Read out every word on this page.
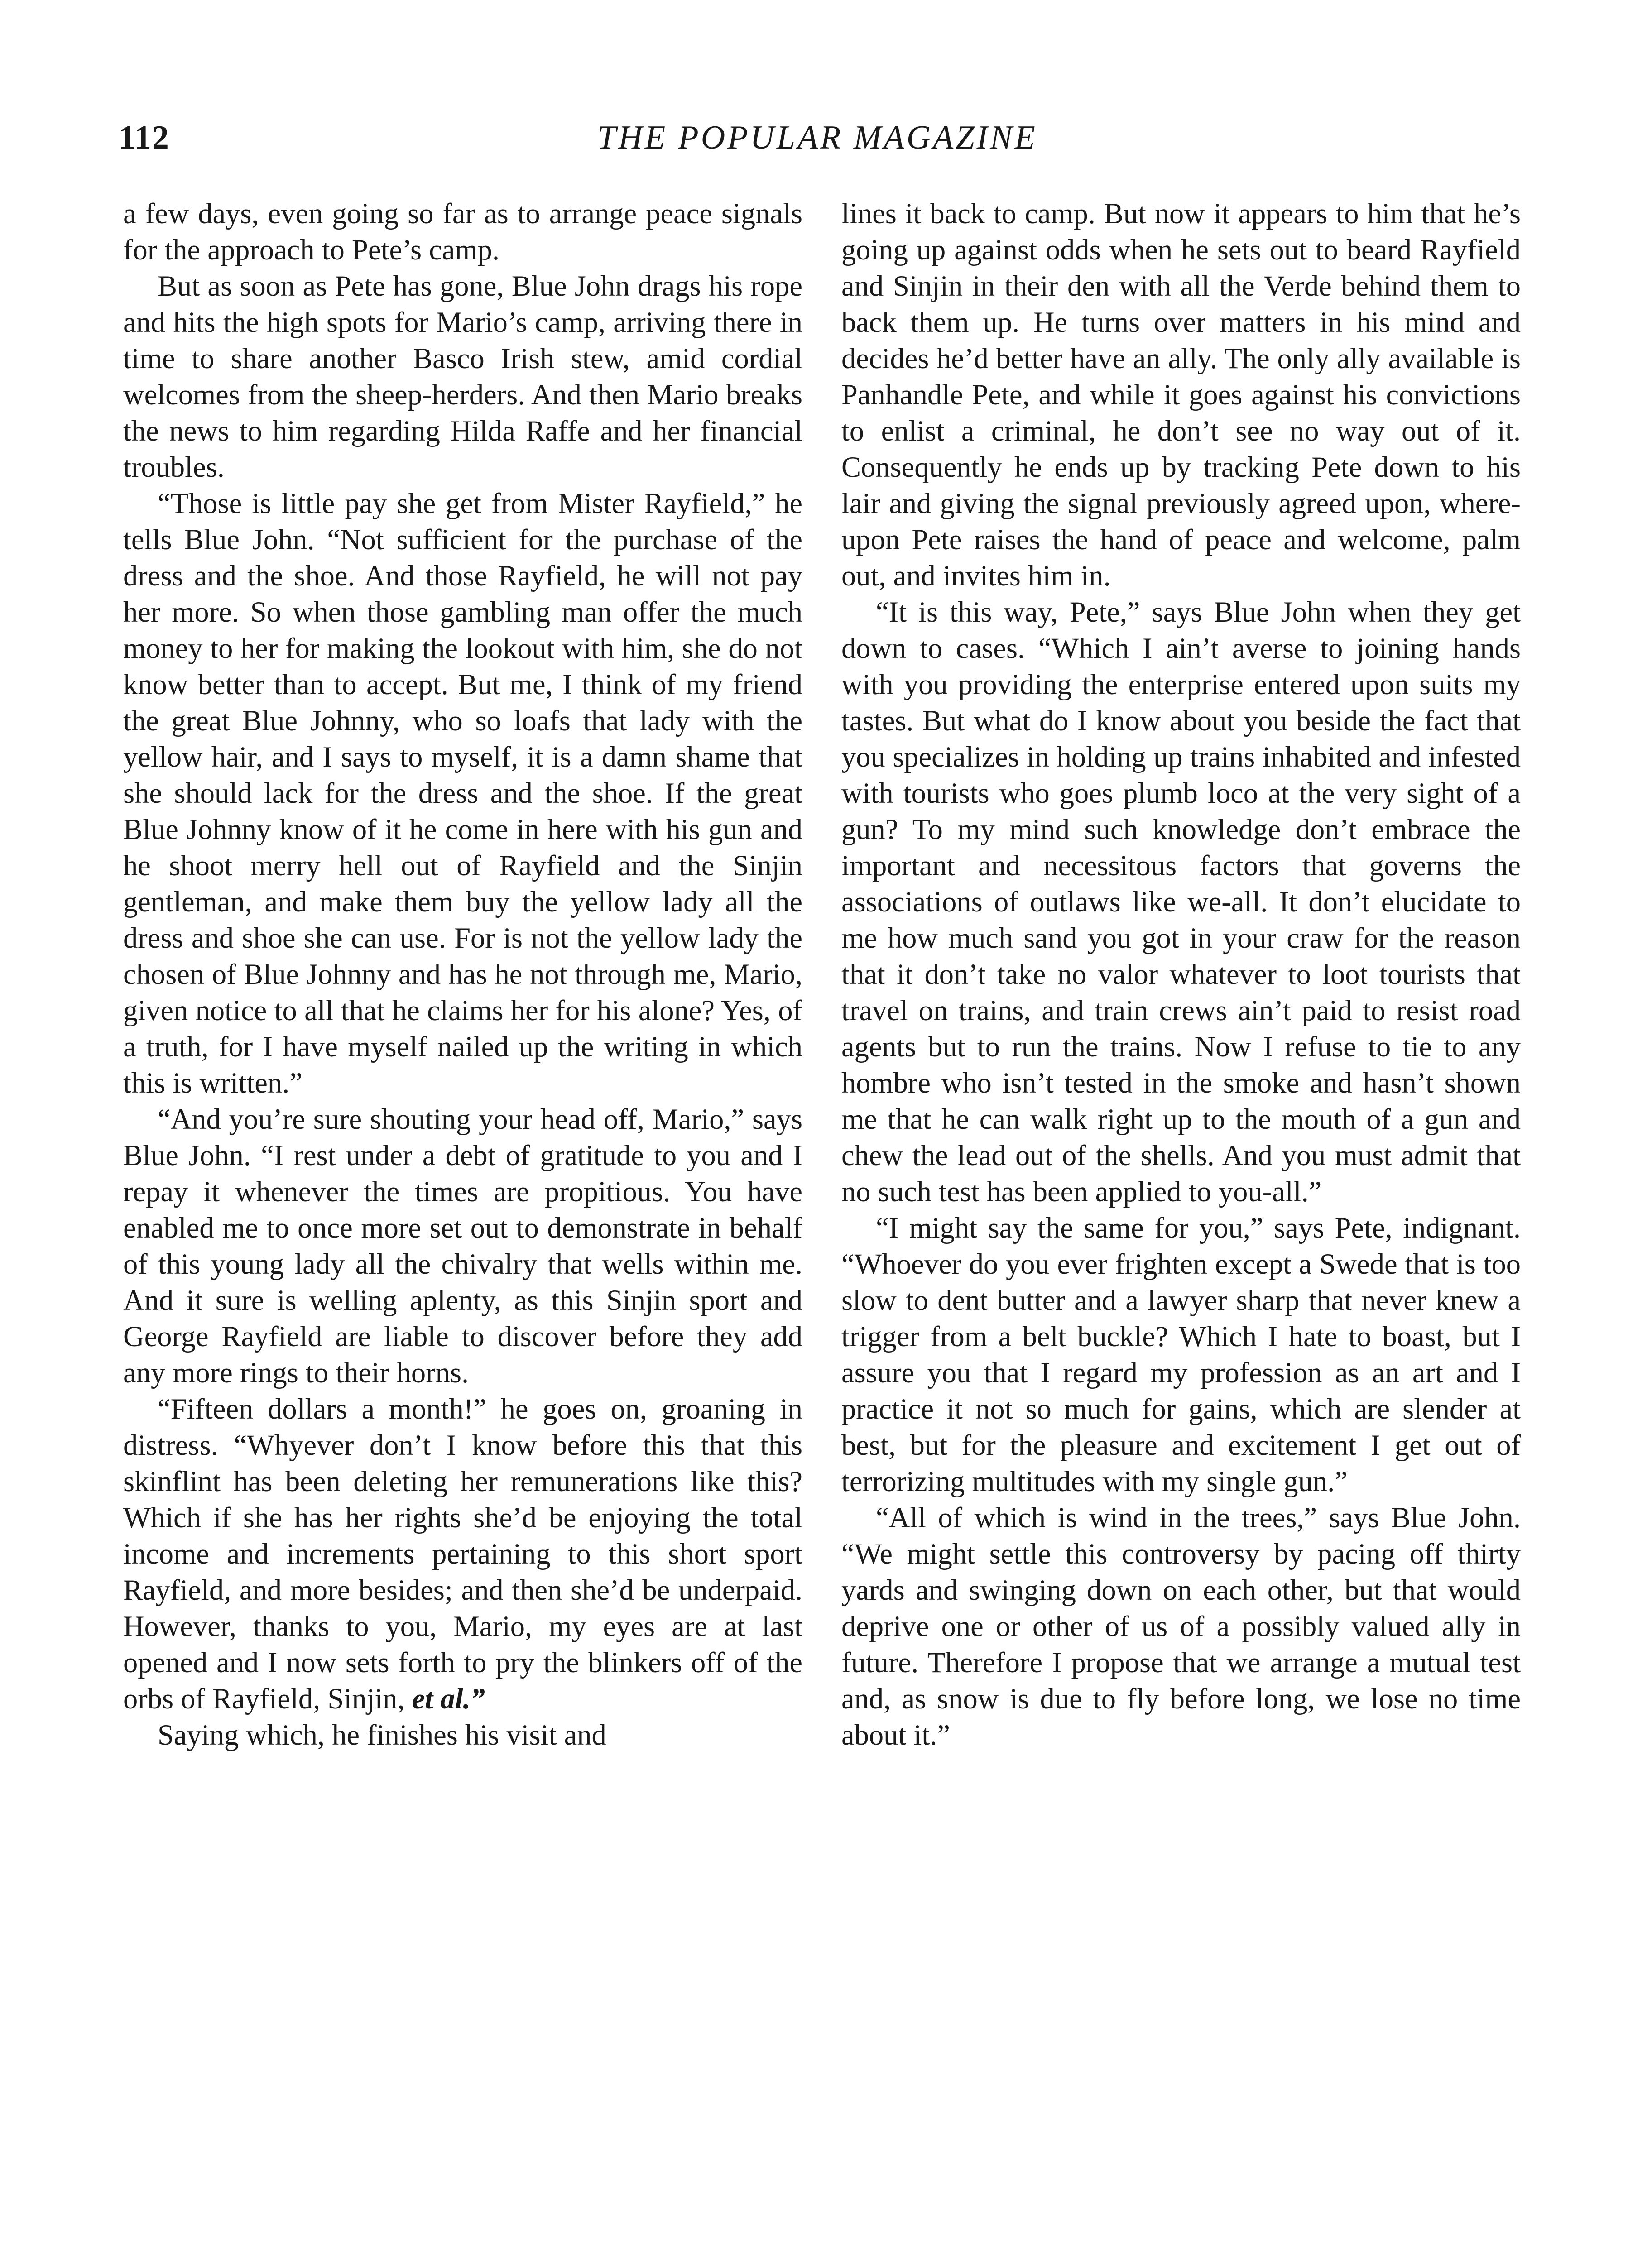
112	THE POPULAR MAGAZINE

a few days, even going so far as to arrange peace signals for the approach to Pete’s camp.

But as soon as Pete has gone, Blue John drags his rope and hits the high spots for Mario’s camp, arriving there in time to share another Basco Irish stew, amid cordial welcomes from the sheep-herders. And then Mario breaks the news to him regarding Hilda Raffe and her financial troubles.

“Those is little pay she get from Mister Rayfield,” he tells Blue John. “Not sufficient for the purchase of the dress and the shoe. And those Rayfield, he will not pay her more. So when those gambling man offer the much money to her for making the lookout with him, she do not know better than to accept. But me, I think of my friend the great Blue Johnny, who so loafs that lady with the yellow hair, and I says to myself, it is a damn shame that she should lack for the dress and the shoe. If the great Blue Johnny know of it he come in here with his gun and he shoot merry hell out of Rayfield and the Sinjin gentleman, and make them buy the yellow lady all the dress and shoe she can use. For is not the yellow lady the chosen of Blue Johnny and has he not through me, Mario, given notice to all that he claims her for his alone? Yes, of a truth, for I have myself nailed up the writing in which this is written.”

“And you’re sure shouting your head off, Mario,” says Blue John. “I rest under a debt of gratitude to you and I repay it whenever the times are propitious. You have enabled me to once more set out to demonstrate in behalf of this young lady all the chivalry that wells within me. And it sure is welling aplenty, as this Sinjin sport and George Rayfield are liable to discover before they add any more rings to their horns.

“Fifteen dollars a month!” he goes on, groaning in distress. “Whyever don’t I know before this that this skinflint has been deleting her remunerations like this? Which if she has her rights she’d be enjoying the total income and increments pertaining to this short sport Rayfield, and more besides; and then she’d be underpaid. However, thanks to you, Mario, my eyes are at last opened and I now sets forth to pry the blinkers off of the orbs of Rayfield, Sinjin, et al.”

Saying which, he finishes his visit and

lines it back to camp. But now it appears to him that he’s going up against odds when he sets out to beard Rayfield and Sinjin in their den with all the Verde behind them to back them up. He turns over matters in his mind and decides he’d better have an ally. The only ally available is Panhandle Pete, and while it goes against his convictions to enlist a criminal, he don’t see no way out of it. Consequently he ends up by tracking Pete down to his lair and giving the signal previously agreed upon, whereupon Pete raises the hand of peace and welcome, palm out, and invites him in.

“It is this way, Pete,” says Blue John when they get down to cases. “Which I ain’t averse to joining hands with you providing the enterprise entered upon suits my tastes. But what do I know about you beside the fact that you specializes in holding up trains inhabited and infested with tourists who goes plumb loco at the very sight of a gun? To my mind such knowledge don’t embrace the important and necessitous factors that governs the associations of outlaws like we-all. It don’t elucidate to me how much sand you got in your craw for the reason that it don’t take no valor whatever to loot tourists that travel on trains, and train crews ain’t paid to resist road agents but to run the trains. Now I refuse to tie to any hombre who isn’t tested in the smoke and hasn’t shown me that he can walk right up to the mouth of a gun and chew the lead out of the shells. And you must admit that no such test has been applied to you-all.”

“I might say the same for you,” says Pete, indignant. “Whoever do you ever frighten except a Swede that is too slow to dent butter and a lawyer sharp that never knew a trigger from a belt buckle? Which I hate to boast, but I assure you that I regard my profession as an art and I practice it not so much for gains, which are slender at best, but for the pleasure and excitement I get out of terrorizing multitudes with my single gun.”

“All of which is wind in the trees,” says Blue John. “We might settle this controversy by pacing off thirty yards and swinging down on each other, but that would deprive one or other of us of a possibly valued ally in future. Therefore I propose that we arrange a mutual test and, as snow is due to fly before long, we lose no time about it.”
